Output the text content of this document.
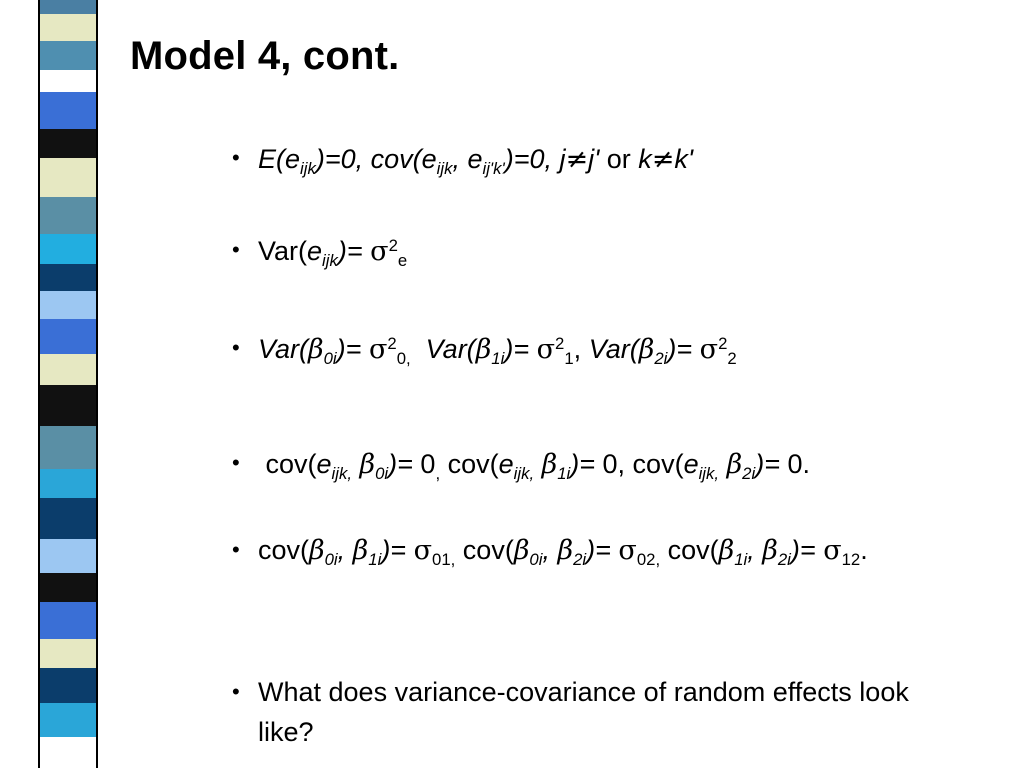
Model 4, cont.
• $E(e_{ijk})=0$, $cov(e_{ijk}$, $e_{ij'k'})=0$, j≠j' or k≠k'
• $Var(e_{ijk})= \sigma^2_e$
• $Var(\beta_{0i})= \sigma^2_{0,}$ $Var(\beta_{1i})= \sigma^2_1$, $Var(\beta_{2i})= \sigma^2_2$
• $cov(e_{ijk,}$ $\beta_{0i})= 0_,$ $cov(e_{ijk,}$ $\beta_{1i})= 0$, $cov(e_{ijk,}$ $\beta_{2i})= 0$.
• $cov(\beta_{0i}$, $\beta_{1i})= \sigma_{01,}$ $cov(\beta_{0i}$, $\beta_{2i})= \sigma_{02,}$ $cov(\beta_{1i}$, $\beta_{2i})= \sigma_{12}$.
• What does variance-covariance of random effects look like?
